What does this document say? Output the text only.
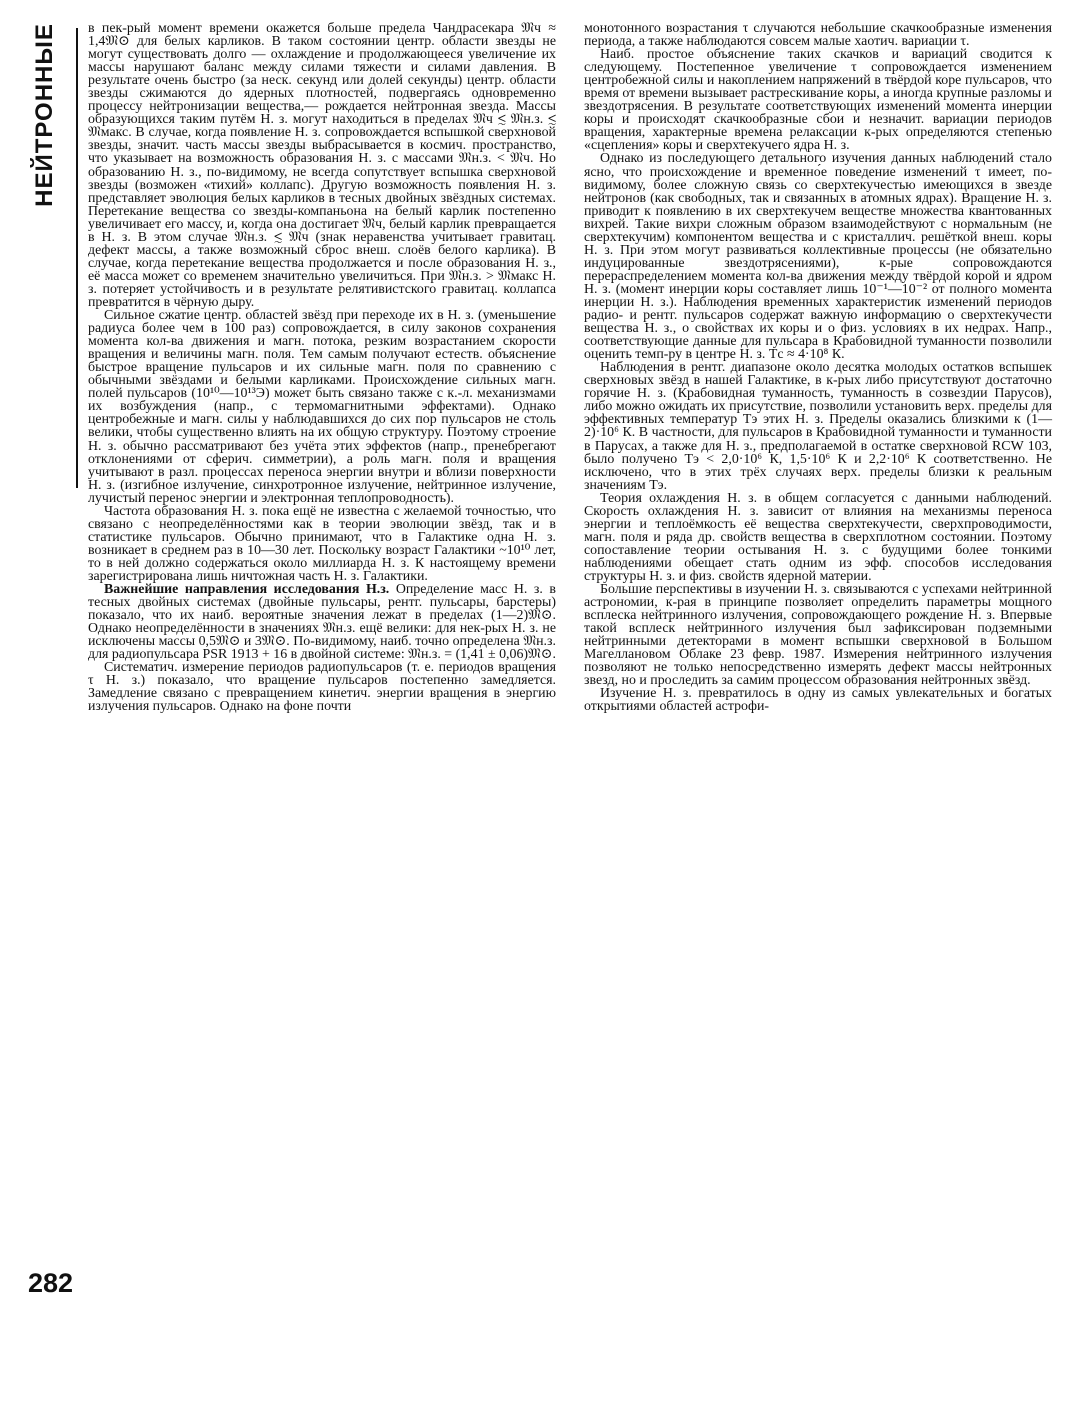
НЕЙТРОННЫЕ
282

в пек-рый момент времени окажется больше предела Чандрасекара 𝔐ч ≈ 1,4𝔐⊙ для белых карликов. В таком состоянии центр. области звезды не могут существовать долго — охлаждение и продолжающееся увеличение их массы нарушают баланс между силами тяжести и силами давления. В результате очень быстро (за неск. секунд или долей секунды) центр. области звезды сжимаются до ядерных плотностей, подвергаясь одновременно процессу нейтронизации вещества,— рождается нейтронная звезда. Массы образующихся таким путём Н. з. могут находиться в пределах 𝔐ч ≲ 𝔐н.з. ≲ 𝔐макс. В случае, когда появление Н. з. сопровождается вспышкой сверхновой звезды, значит. часть массы звезды выбрасывается в космич. пространство, что указывает на возможность образования Н. з. с массами 𝔐н.з. < 𝔐ч. Но образованию Н. з., по-видимому, не всегда сопутствует вспышка сверхновой звезды (возможен «тихий» коллапс). Другую возможность появления Н. з. представляет эволюция белых карликов в тесных двойных звёздных системах. Перетекание вещества со звезды-компаньона на белый карлик постепенно увеличивает его массу, и, когда она достигает 𝔐ч, белый карлик превращается в Н. з. В этом случае 𝔐н.з. ≲ 𝔐ч (знак неравенства учитывает гравитац. дефект массы, а также возможный сброс внеш. слоёв белого карлика). В случае, когда перетекание вещества продолжается и после образования Н. з., её масса может со временем значительно увеличиться. При 𝔐н.з. > 𝔐макс Н. з. потеряет устойчивость и в результате релятивистского гравитац. коллапса превратится в чёрную дыру.

Сильное сжатие центр. областей звёзд при переходе их в Н. з. (уменьшение радиуса более чем в 100 раз) сопровождается, в силу законов сохранения момента кол-ва движения и магн. потока, резким возрастанием скорости вращения и величины магн. поля. Тем самым получают естеств. объяснение быстрое вращение пульсаров и их сильные магн. поля по сравнению с обычными звёздами и белыми карликами. Происхождение сильных магн. полей пульсаров (10¹⁰—10¹³Э) может быть связано также с к.-л. механизмами их возбуждения (напр., с термомагнитными эффектами). Однако центробежные и магн. силы у наблюдавшихся до сих пор пульсаров не столь велики, чтобы существенно влиять на их общую структуру. Поэтому строение Н. з. обычно рассматривают без учёта этих эффектов (напр., пренебрегают отклонениями от сферич. симметрии), а роль магн. поля и вращения учитывают в разл. процессах переноса энергии внутри и вблизи поверхности Н. з. (изгибное излучение, синхротронное излучение, нейтринное излучение, лучистый перенос энергии и электронная теплопроводность).

Частота образования Н. з. пока ещё не известна с желаемой точностью, что связано с неопределённостями как в теории эволюции звёзд, так и в статистике пульсаров. Обычно принимают, что в Галактике одна Н. з. возникает в среднем раз в 10—30 лет. Поскольку возраст Галактики ~10¹⁰ лет, то в ней должно содержаться около миллиарда Н. з. К настоящему времени зарегистрирована лишь ничтожная часть Н. з. Галактики.

Важнейшие направления исследования Н.з. Определение масс Н. з. в тесных двойных системах (двойные пульсары, рентг. пульсары, барстеры) показало, что их наиб. вероятные значения лежат в пределах (1—2)𝔐⊙. Однако неопределённости в значениях 𝔐н.з. ещё велики: для нек-рых Н. з. не исключены массы 0,5𝔐⊙ и 3𝔐⊙. По-видимому, наиб. точно определена 𝔐н.з. для радиопульсара PSR 1913 + 16 в двойной системе: 𝔐н.з. = (1,41 ± 0,06)𝔐⊙.

Систематич. измерение периодов радиопульсаров (т. е. периодов вращения τ Н. з.) показало, что вращение пульсаров постепенно замедляется. Замедление связано с превращением кинетич. энергии вращения в энергию излучения пульсаров. Однако на фоне почти

монотонного возрастания τ случаются небольшие скачкообразные изменения периода, а также наблюдаются совсем малые хаотич. вариации τ.

Наиб. простое объяснение таких скачков и вариаций сводится к следующему. Постепенное увеличение τ сопровождается изменением центробежной силы и накоплением напряжений в твёрдой коре пульсаров, что время от времени вызывает растрескивание коры, а иногда крупные разломы и звездотрясения. В результате соответствующих изменений момента инерции коры и происходят скачкообразные сбои и незначит. вариации периодов вращения, характерные времена релаксации к-рых определяются степенью «сцепления» коры и сверхтекучего ядра Н. з.

Однако из последующего детального изучения данных наблюдений стало ясно, что происхождение и временно́е поведение изменений τ имеет, по-видимому, более сложную связь со сверхтекучестью имеющихся в звезде нейтронов (как свободных, так и связанных в атомных ядрах). Вращение Н. з. приводит к появлению в их сверхтекучем веществе множества квантованных вихрей. Такие вихри сложным образом взаимодействуют с нормальным (не сверхтекучим) компонентом вещества и с кристаллич. решёткой внеш. коры Н. з. При этом могут развиваться коллективные процессы (не обязательно индуцированные звездотрясениями), к-рые сопровождаются перераспределением момента кол-ва движения между твёрдой корой и ядром Н. з. (момент инерции коры составляет лишь 10⁻¹—10⁻² от полного момента инерции Н. з.). Наблюдения временных характеристик изменений периодов радио- и рентг. пульсаров содержат важную информацию о сверхтекучести вещества Н. з., о свойствах их коры и о физ. условиях в их недрах. Напр., соответствующие данные для пульсара в Крабовидной туманности позволили оценить темп-ру в центре Н. з. Tс ≈ 4·10⁸ К.

Наблюдения в рентг. диапазоне около десятка молодых остатков вспышек сверхновых звёзд в нашей Галактике, в к-рых либо присутствуют достаточно горячие Н. з. (Крабовидная туманность, туманность в созвездии Парусов), либо можно ожидать их присутствие, позволили установить верх. пределы для эффективных температур Tэ этих Н. з. Пределы оказались близкими к (1—2)·10⁶ К. В частности, для пульсаров в Крабовидной туманности и туманности в Парусах, а также для Н. з., предполагаемой в остатке сверхновой RCW 103, было получено Tэ < 2,0·10⁶ К, 1,5·10⁶ К и 2,2·10⁶ К соответственно. Не исключено, что в этих трёх случаях верх. пределы близки к реальным значениям Tэ.

Теория охлаждения Н. з. в общем согласуется с данными наблюдений. Скорость охлаждения Н. з. зависит от влияния на механизмы переноса энергии и теплоёмкость её вещества сверхтекучести, сверхпроводимости, магн. поля и ряда др. свойств вещества в сверхплотном состоянии. Поэтому сопоставление теории остывания Н. з. с будущими более тонкими наблюдениями обещает стать одним из эфф. способов исследования структуры Н. з. и физ. свойств ядерной материи.

Большие перспективы в изучении Н. з. связываются с успехами нейтринной астрономии, к-рая в принципе позволяет определить параметры мощного всплеска нейтринного излучения, сопровождающего рождение Н. з. Впервые такой всплеск нейтринного излучения был зафиксирован подземными нейтринными детекторами в момент вспышки сверхновой в Большом Магеллановом Облаке 23 февр. 1987. Измерения нейтринного излучения позволяют не только непосредственно измерять дефект массы нейтронных звезд, но и проследить за самим процессом образования нейтронных звёзд.

Изучение Н. з. превратилось в одну из самых увлекательных и богатых открытиями областей астрофи-
